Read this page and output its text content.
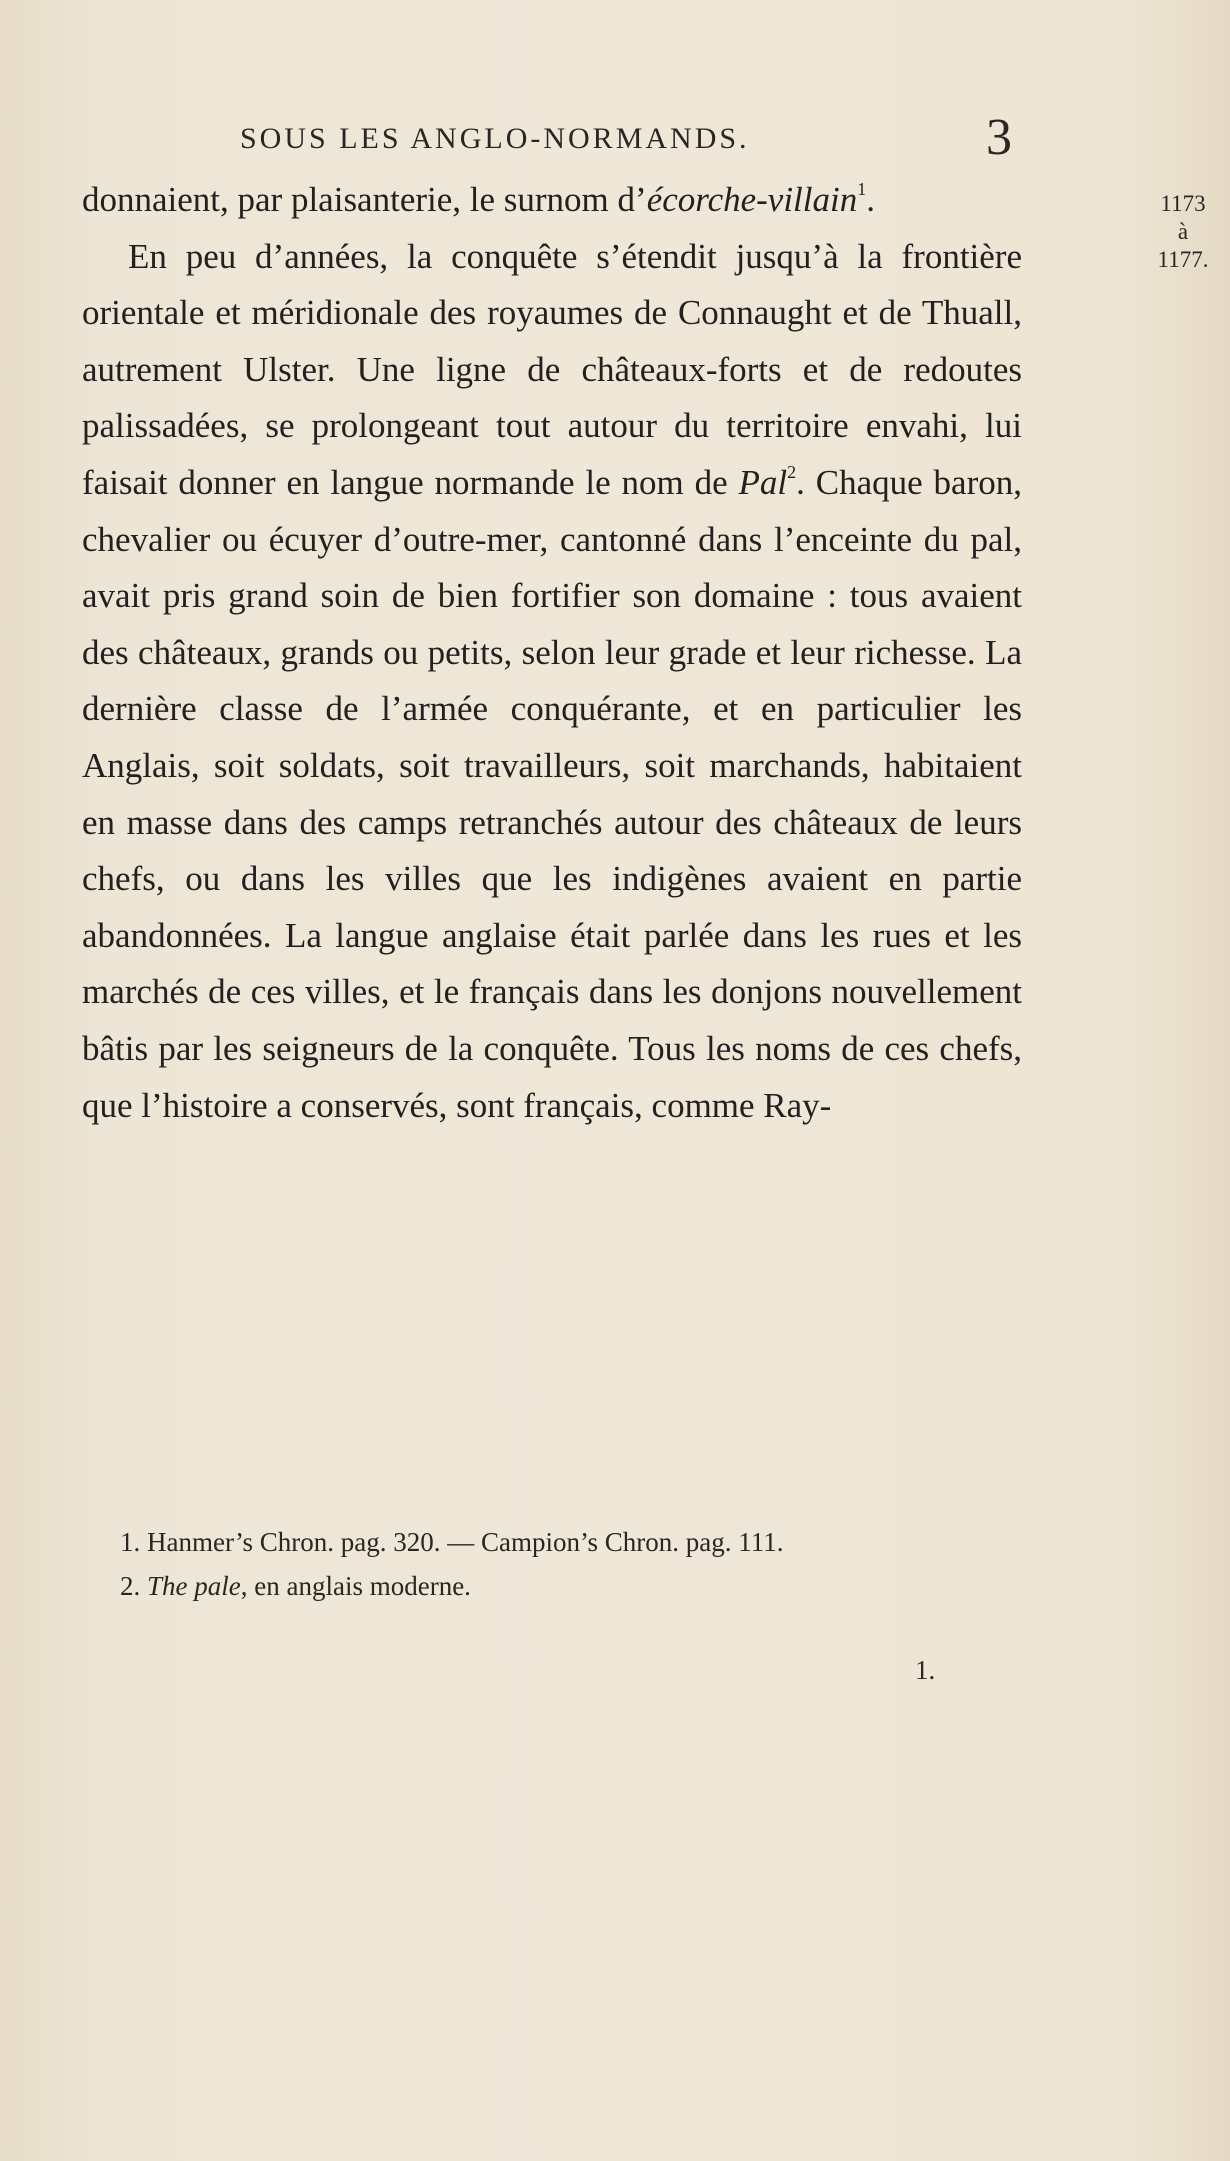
SOUS LES ANGLO-NORMANDS.	3
1173
à
1177.

donnaient, par plaisanterie, le surnom d’écorche-villain$^1$.

En peu d’années, la conquête s’étendit jusqu’à la frontière orientale et méridionale des royaumes de Connaught et de Thuall, autrement Ulster. Une ligne de châteaux-forts et de redoutes palissadées, se prolongeant tout autour du territoire envahi, lui faisait donner en langue normande le nom de Pal$^2$. Chaque baron, chevalier ou écuyer d’outre-mer, cantonné dans l’enceinte du pal, avait pris grand soin de bien fortifier son domaine : tous avaient des châteaux, grands ou petits, selon leur grade et leur richesse. La dernière classe de l’armée conquérante, et en particulier les Anglais, soit soldats, soit travailleurs, soit marchands, habitaient en masse dans des camps retranchés autour des châteaux de leurs chefs, ou dans les villes que les indigènes avaient en partie abandonnées. La langue anglaise était parlée dans les rues et les marchés de ces villes, et le français dans les donjons nouvellement bâtis par les seigneurs de la conquête. Tous les noms de ces chefs, que l’histoire a conservés, sont français, comme Ray-

1. Hanmer’s Chron. pag. 320. — Campion’s Chron. pag. 111.

2. The pale, en anglais moderne.

1.
